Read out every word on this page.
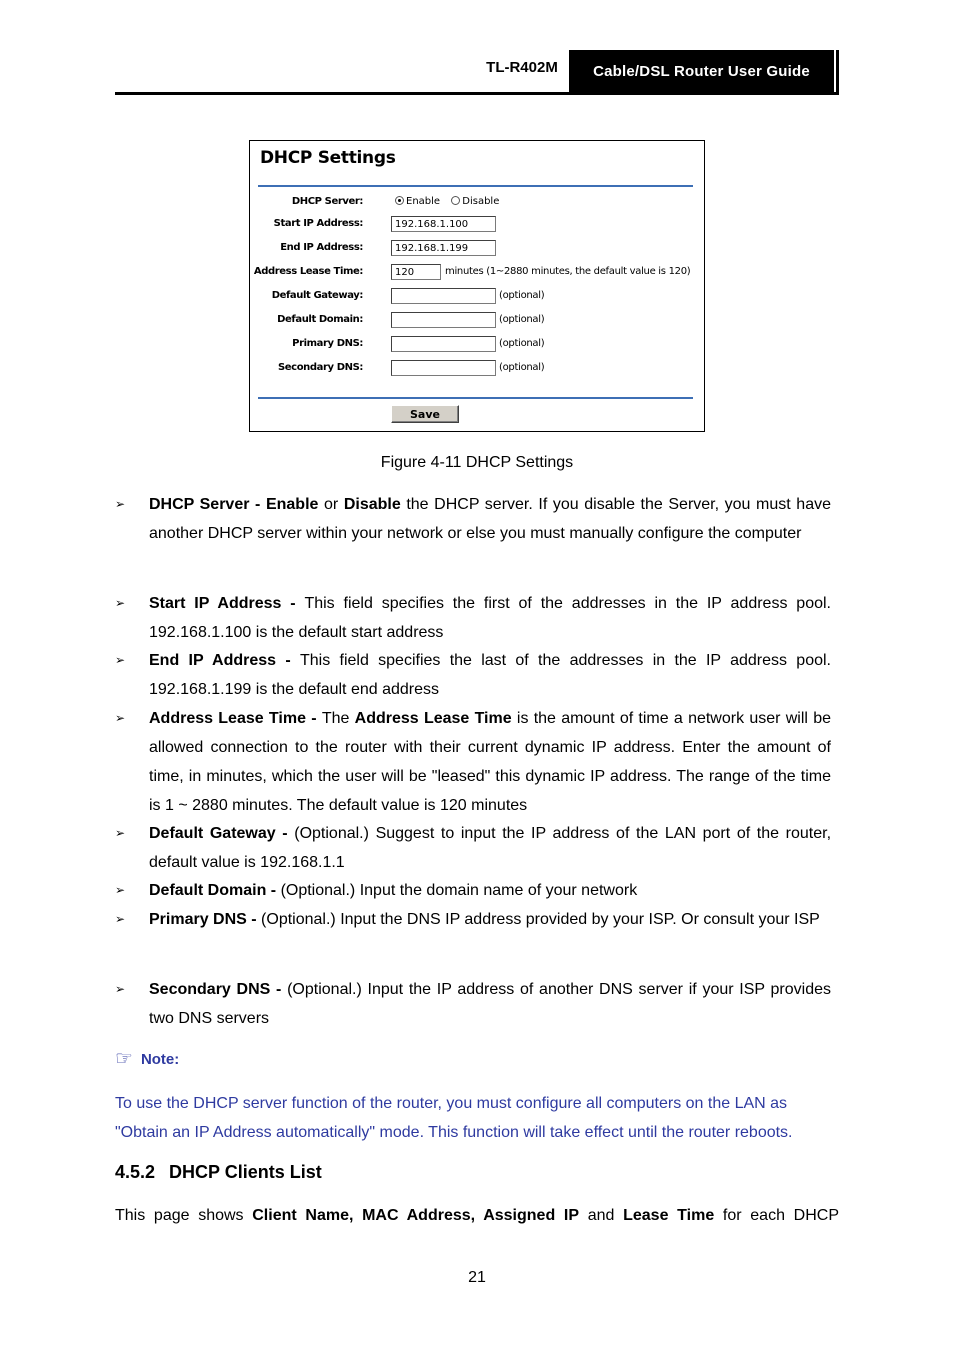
TL-R402M	Cable/DSL Router User Guide
DHCP Settings
DHCP Server:	Enable Disable
Start IP Address:	192.168.1.100
End IP Address:	192.168.1.199
Address Lease Time:	120	minutes (1~2880 minutes, the default value is 120)
Default Gateway:	(optional)
Default Domain:	(optional)
Primary DNS:	(optional)
Secondary DNS:	(optional)
Save
Figure 4-11 DHCP Settings
➢ DHCP Server - Enable or Disable the DHCP server. If you disable the Server, you must have another DHCP server within your network or else you must manually configure the computer
➢ Start IP Address - This field specifies the first of the addresses in the IP address pool. 192.168.1.100 is the default start address
➢ End IP Address - This field specifies the last of the addresses in the IP address pool. 192.168.1.199 is the default end address
➢ Address Lease Time - The Address Lease Time is the amount of time a network user will be allowed connection to the router with their current dynamic IP address. Enter the amount of time, in minutes, which the user will be "leased" this dynamic IP address. The range of the time is 1 ~ 2880 minutes. The default value is 120 minutes
➢ Default Gateway - (Optional.) Suggest to input the IP address of the LAN port of the router, default value is 192.168.1.1
➢ Default Domain - (Optional.) Input the domain name of your network
➢ Primary DNS - (Optional.) Input the DNS IP address provided by your ISP. Or consult your ISP
➢ Secondary DNS - (Optional.) Input the IP address of another DNS server if your ISP provides two DNS servers
☞ Note:
To use the DHCP server function of the router, you must configure all computers on the LAN as "Obtain an IP Address automatically" mode. This function will take effect until the router reboots.
4.5.2 DHCP Clients List
This page shows Client Name, MAC Address, Assigned IP and Lease Time for each DHCP
21
